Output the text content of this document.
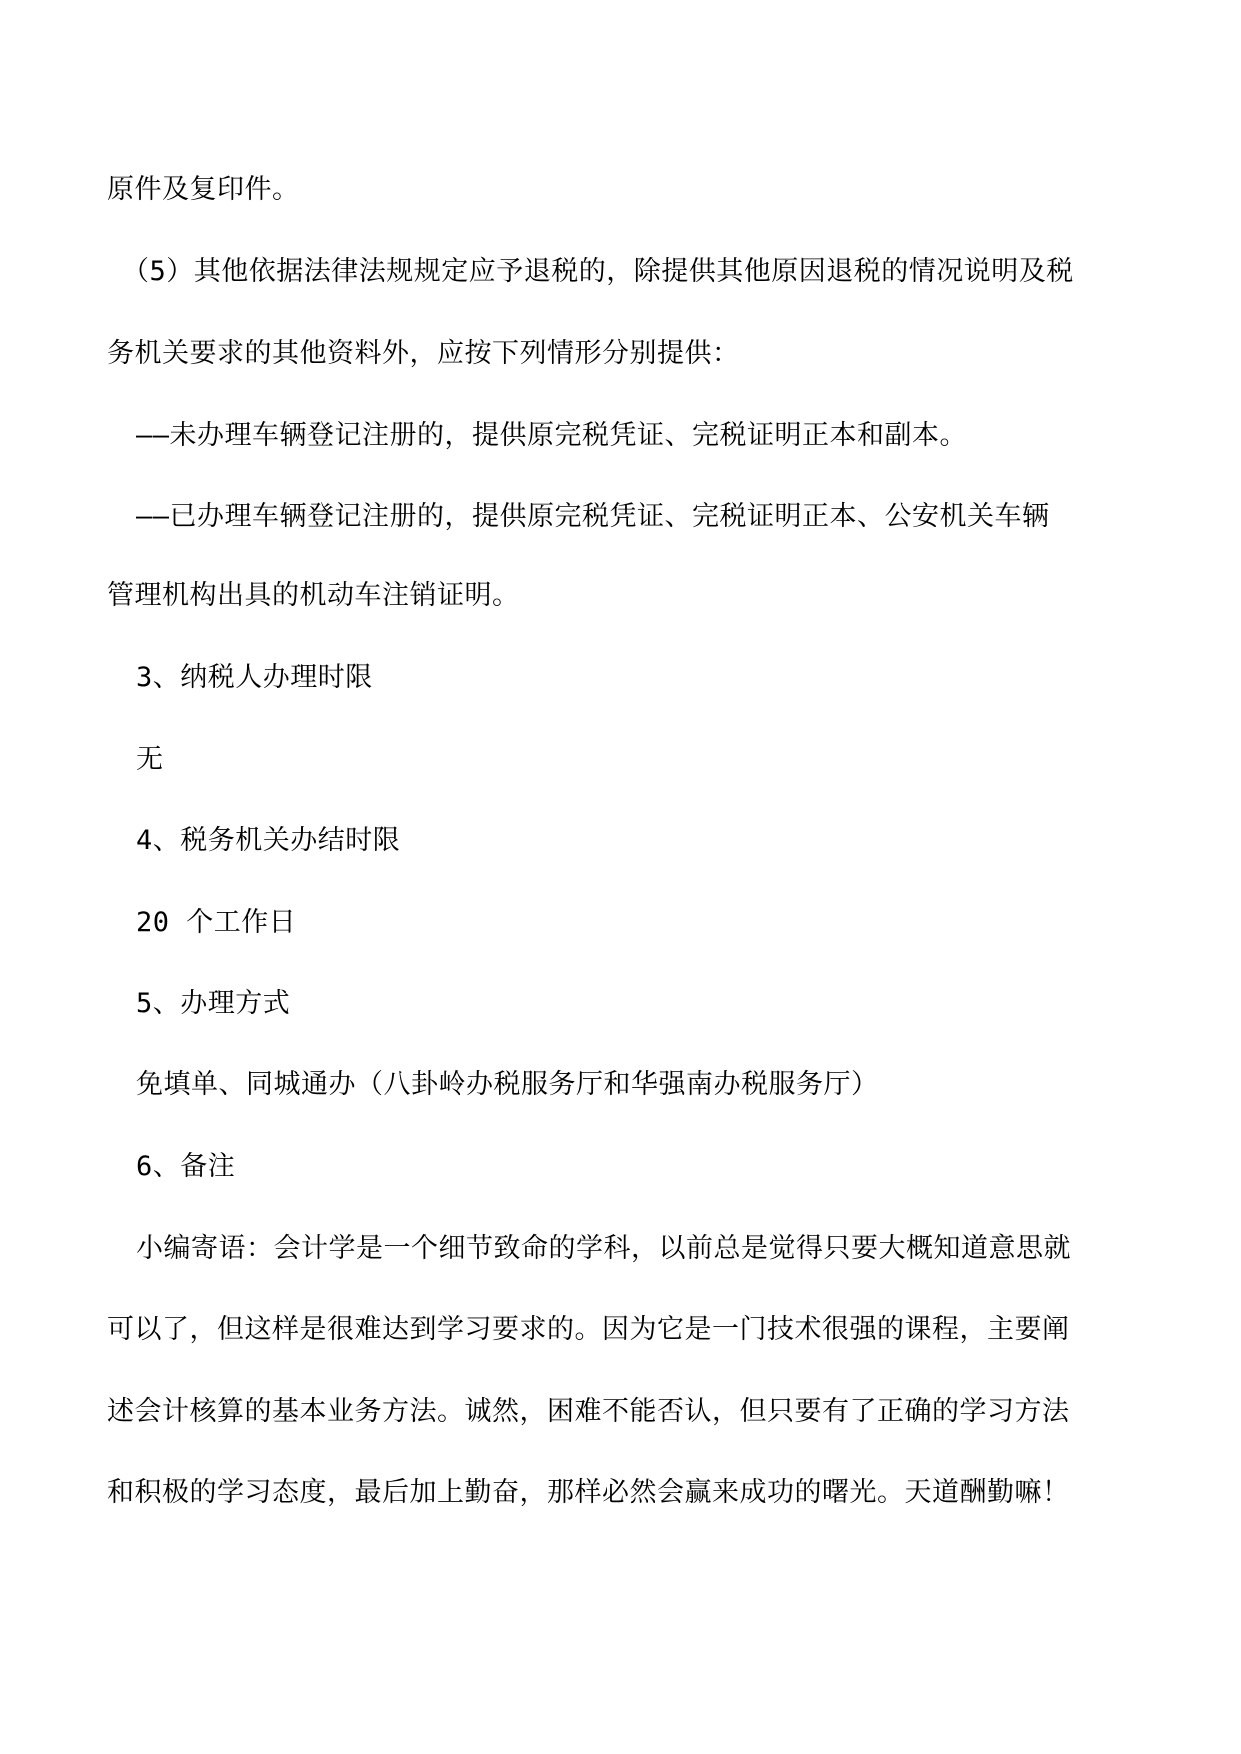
原件及复印件。
（5）其他依据法律法规规定应予退税的，除提供其他原因退税的情况说明及税
务机关要求的其他资料外，应按下列情形分别提供：
——未办理车辆登记注册的，提供原完税凭证、完税证明正本和副本。
——已办理车辆登记注册的，提供原完税凭证、完税证明正本、公安机关车辆
管理机构出具的机动车注销证明。
3、纳税人办理时限
无
4、税务机关办结时限
20 个工作日
5、办理方式
免填单、同城通办（八卦岭办税服务厅和华强南办税服务厅）
6、备注
小编寄语：会计学是一个细节致命的学科，以前总是觉得只要大概知道意思就
可以了，但这样是很难达到学习要求的。因为它是一门技术很强的课程，主要阐
述会计核算的基本业务方法。诚然，困难不能否认，但只要有了正确的学习方法
和积极的学习态度，最后加上勤奋，那样必然会赢来成功的曙光。天道酬勤嘛！
